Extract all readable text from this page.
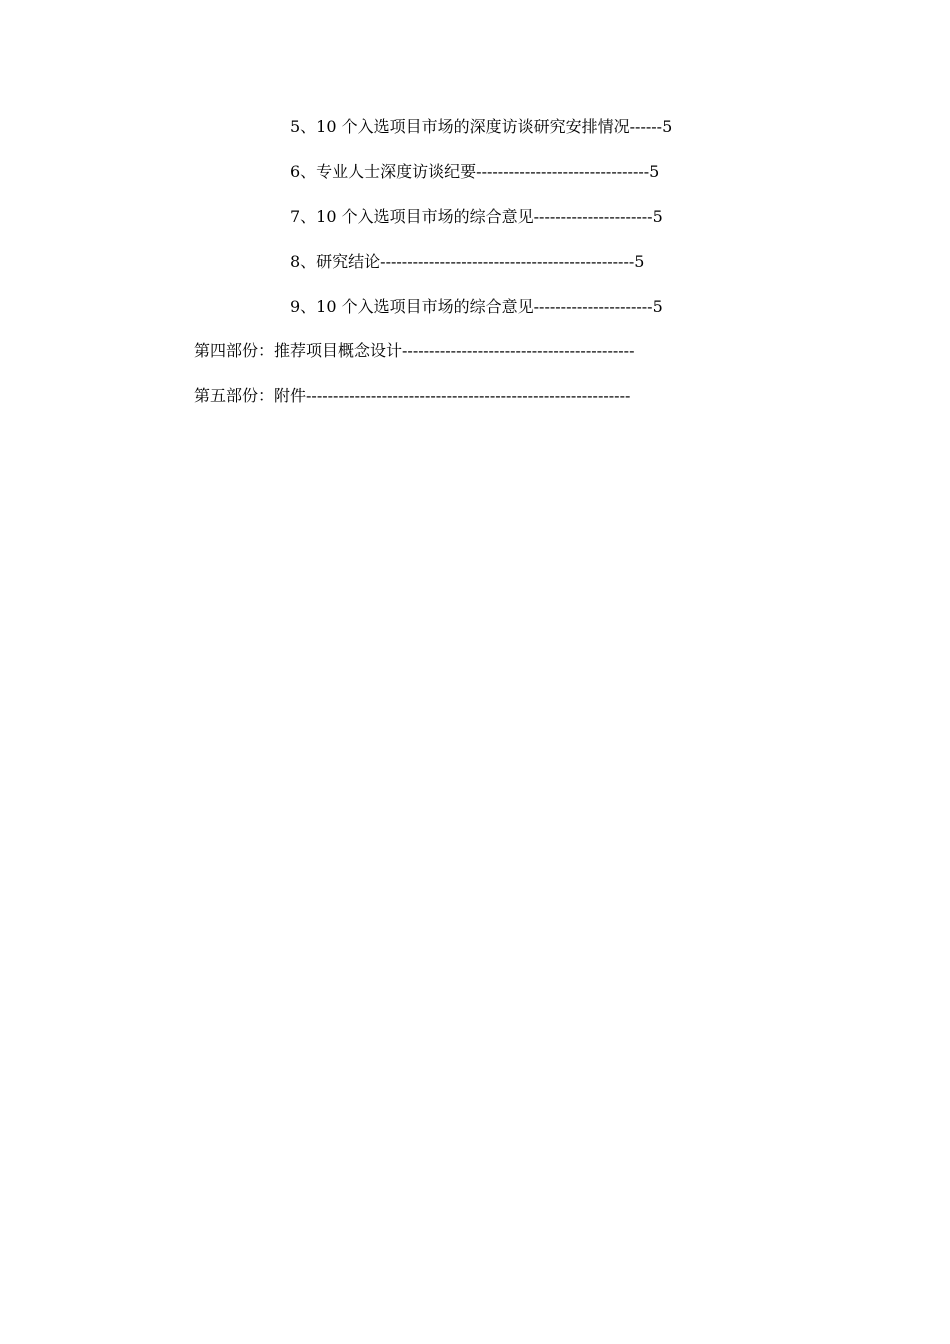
5、10 个入选项目市场的深度访谈研究安排情况------5
6、专业人士深度访谈纪要--------------------------------5
7、10 个入选项目市场的综合意见----------------------5
8、研究结论-----------------------------------------------5
9、10 个入选项目市场的综合意见----------------------5
第四部份：推荐项目概念设计-------------------------------------------
第五部份：附件------------------------------------------------------------
